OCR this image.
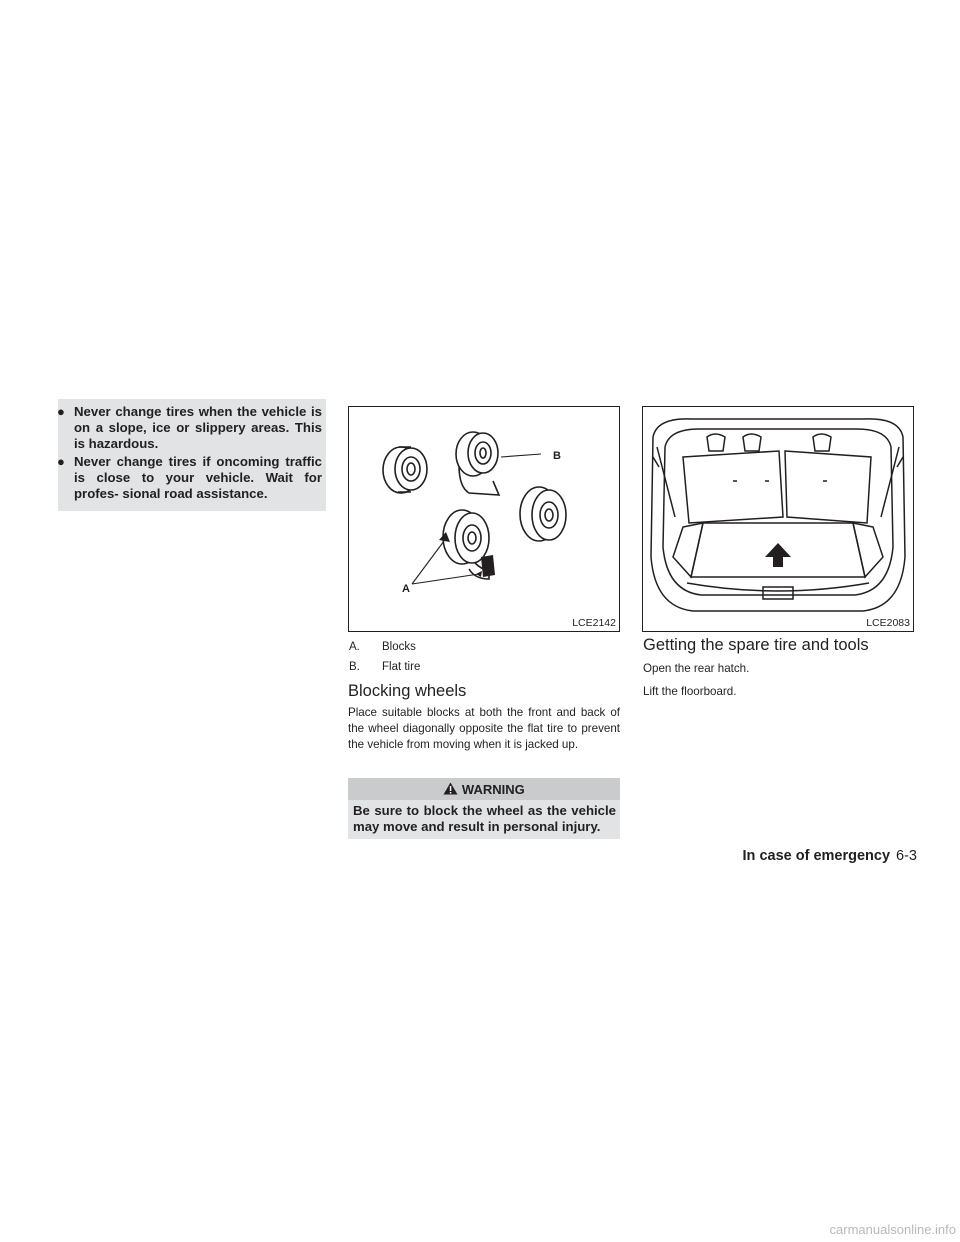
● Never change tires when the vehicle is on a slope, ice or slippery areas. This is hazardous.
● Never change tires if oncoming traffic is close to your vehicle. Wait for profes- sional road assistance.
B
A
LCE2142	LCE2083
A. Blocks
B. Flat tire
Blocking wheels

Place suitable blocks at both the front and back of the wheel diagonally opposite the flat tire to prevent the vehicle from moving when it is jacked up.

WARNING
Be sure to block the wheel as the vehicle may move and result in personal injury.
Getting the spare tire and tools

Open the rear hatch.

Lift the floorboard.

In case of emergency 6-3
carmanualsonline.info
